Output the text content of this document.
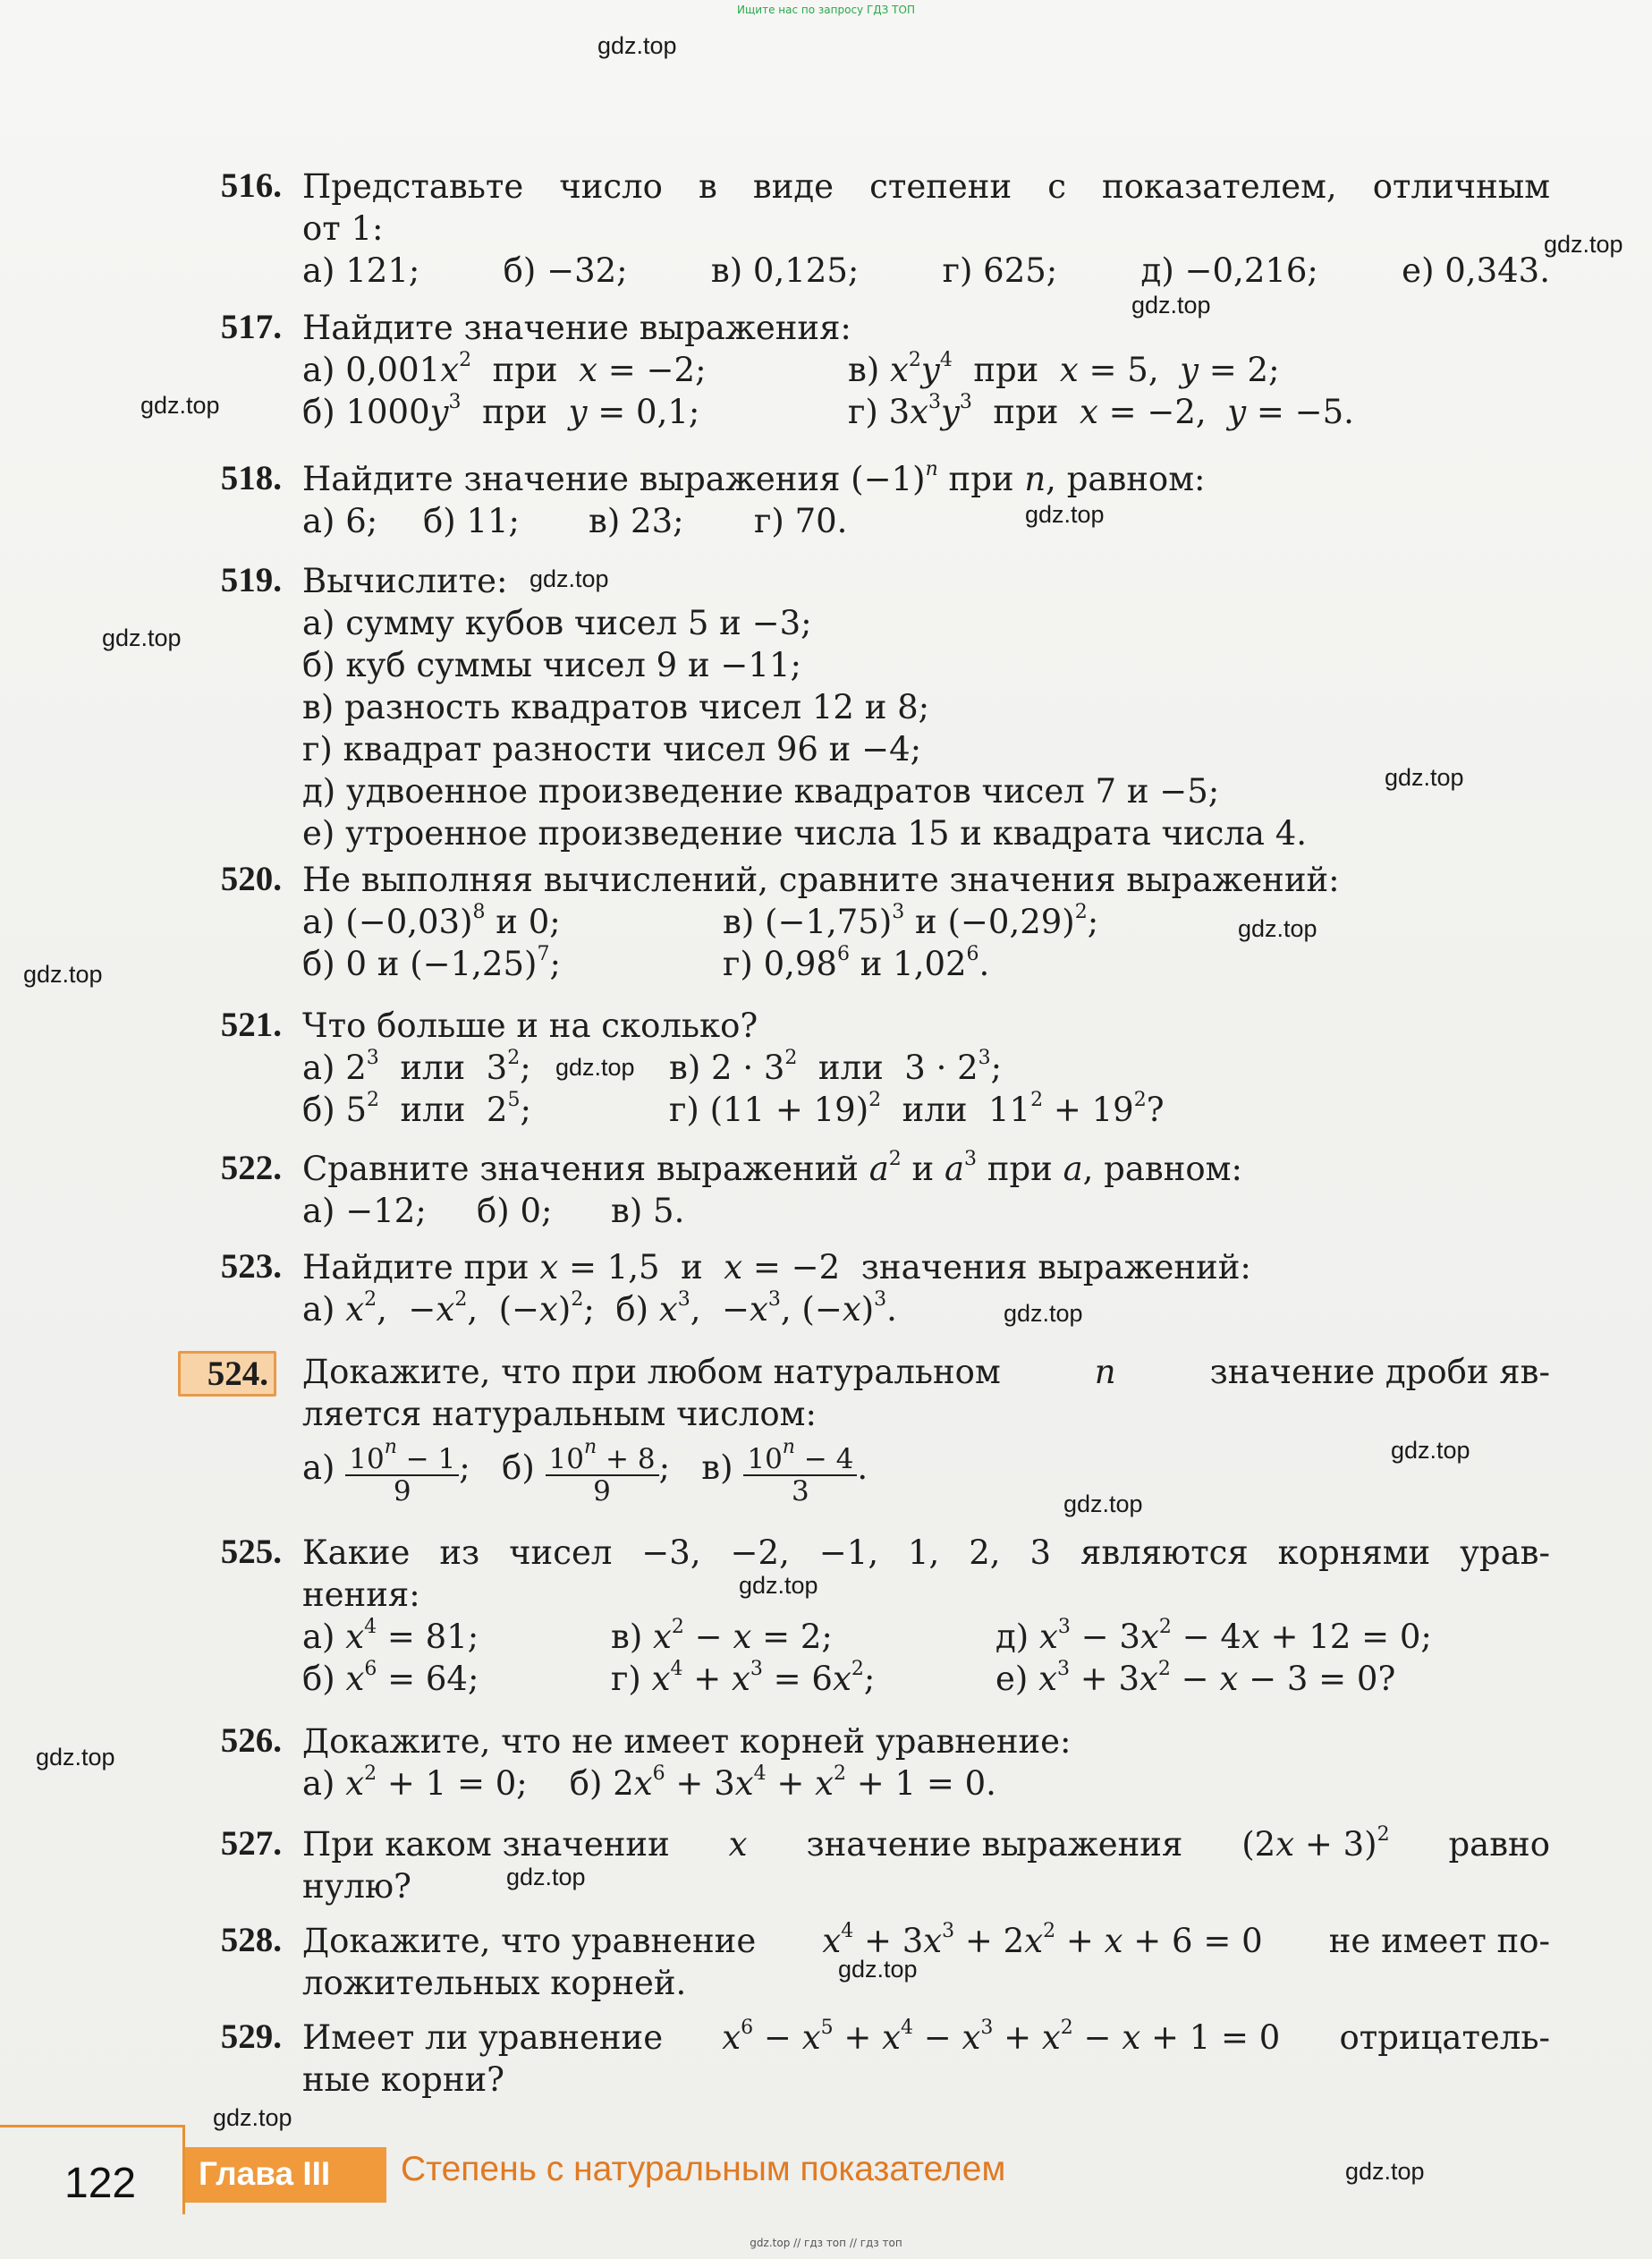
Ищите нас по запросу ГДЗ ТОП
gdz.top
gdz.top
gdz.top
gdz.top
gdz.top
gdz.top
gdz.top
gdz.top
gdz.top
gdz.top
gdz.top
gdz.top
gdz.top
gdz.top
gdz.top
gdz.top
gdz.top
gdz.top
gdz.top
gdz.top
516. Представьте число в виде степени с показателем, отличным
от 1:
а) 121;	б) −32;	в) 0,125;	г) 625;	д) −0,216;	е) 0,343.
517. Найдите значение выражения:
а) $0,001x^2$  при  x = −2;	в) $x^2y^4$  при  x = 5,  y = 2;
б) $1000y^3$  при  y = 0,1;	г) $3x^3y^3$  при  x = −2,  y = −5.
518. Найдите значение выражения $(-1)^n$ при n, равном:
а) 6;	б) 11;	в) 23;	г) 70.
519. Вычислите:
а) сумму кубов чисел 5 и −3;
б) куб суммы чисел 9 и −11;
в) разность квадратов чисел 12 и 8;
г) квадрат разности чисел 96 и −4;
д) удвоенное произведение квадратов чисел 7 и −5;
е) утроенное произведение числа 15 и квадрата числа 4.
520. Не выполняя вычислений, сравните значения выражений:
а) $(-0,03)^8$ и 0;	в) $(-1,75)^3$ и $(-0,29)^2$;
б) 0 и $(-1,25)^7$;	г) 0,98$^6$ и 1,02$^6$.
521. Что больше и на сколько?
а) $2^3$  или  $3^2$;	в) $2 \cdot 3^2$  или  $3 \cdot 2^3$;
б) $5^2$  или  $2^5$;	г) $(11 + 19)^2$  или  $11^2 + 19^2$?
522. Сравните значения выражений $a^2$ и $a^3$ при a, равном:
а) −12;	б) 0;	в) 5.
523. Найдите при x = 1,5  и  x = −2  значения выражений:
а) $x^2$,  $-x^2$,  $(-x)^2$;  б) $x^3$,  $-x^3$, $(-x)^3$.
524. Докажите, что при любом натуральном	n	значение дроби яв-
ляется натуральным числом:
$а) \frac{10^n - 1}{9}$ ;   $б) \frac{10^n + 8}{9}$ ;   $в) \frac{10^n - 4}{3}$ .
525. Какие из чисел −3, −2, −1, 1, 2, 3 являются корнями урав-
нения:
а) $x^4 = 81$;	в) $x^2 - x = 2$;	д) $x^3 - 3x^2 - 4x + 12 = 0$;
б) $x^6 = 64$;	г) $x^4 + x^3 = 6x^2$;	е) $x^3 + 3x^2 - x - 3 = 0$?
526. Докажите, что не имеет корней уравнение:
а) $x^2 + 1 = 0$;    б) $2x^6 + 3x^4 + x^2 + 1 = 0$.
527. При каком значении x значение выражения $(2x + 3)^2$ равно
нулю?
528. Докажите, что уравнение $x^4 + 3x^3 + 2x^2 + x + 6 = 0$ не имеет по-
ложительных корней.
529. Имеет ли уравнение $x^6 - x^5 + x^4 - x^3 + x^2 - x + 1 = 0$ отрицатель-
ные корни?
122 Глава III Степень с натуральным показателем
gdz.top // гдз топ // гдз топ
